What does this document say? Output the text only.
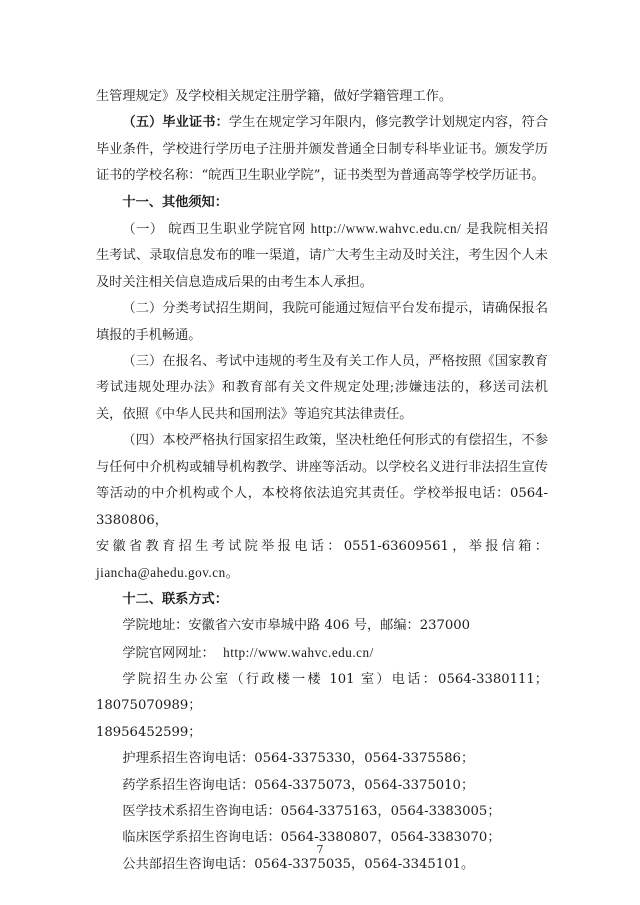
生管理规定》及学校相关规定注册学籍，做好学籍管理工作。

（五）毕业证书：学生在规定学习年限内，修完教学计划规定内容，符合毕业条件，学校进行学历电子注册并颁发普通全日制专科毕业证书。颁发学历证书的学校名称：“皖西卫生职业学院”，证书类型为普通高等学校学历证书。

十一、其他须知：

（一） 皖西卫生职业学院官网 http://www.wahvc.edu.cn/ 是我院相关招生考试、录取信息发布的唯一渠道，请广大考生主动及时关注，考生因个人未及时关注相关信息造成后果的由考生本人承担。

（二）分类考试招生期间，我院可能通过短信平台发布提示，请确保报名填报的手机畅通。

（三）在报名、考试中违规的考生及有关工作人员，严格按照《国家教育考试违规处理办法》和教育部有关文件规定处理;涉嫌违法的，移送司法机关，依照《中华人民共和国刑法》等追究其法律责任。

（四）本校严格执行国家招生政策，坚决杜绝任何形式的有偿招生，不参与任何中介机构或辅导机构教学、讲座等活动。以学校名义进行非法招生宣传等活动的中介机构或个人，本校将依法追究其责任。学校举报电话：0564-3380806，

安徽省教育招生考试院举报电话：0551-63609561，举报信箱：

jiancha@ahedu.gov.cn。

十二、联系方式：

学院地址：安徽省六安市皋城中路 406 号，邮编：237000

学院官网网址： http://www.wahvc.edu.cn/

学院招生办公室（行政楼一楼 101 室）电话：0564-3380111；18075070989；

18956452599；

护理系招生咨询电话：0564-3375330，0564-3375586；

药学系招生咨询电话：0564-3375073，0564-3375010；

医学技术系招生咨询电话：0564-3375163，0564-3383005；

临床医学系招生咨询电话：0564-3380807，0564-3383070；

公共部招生咨询电话：0564-3375035，0564-3345101。

7
